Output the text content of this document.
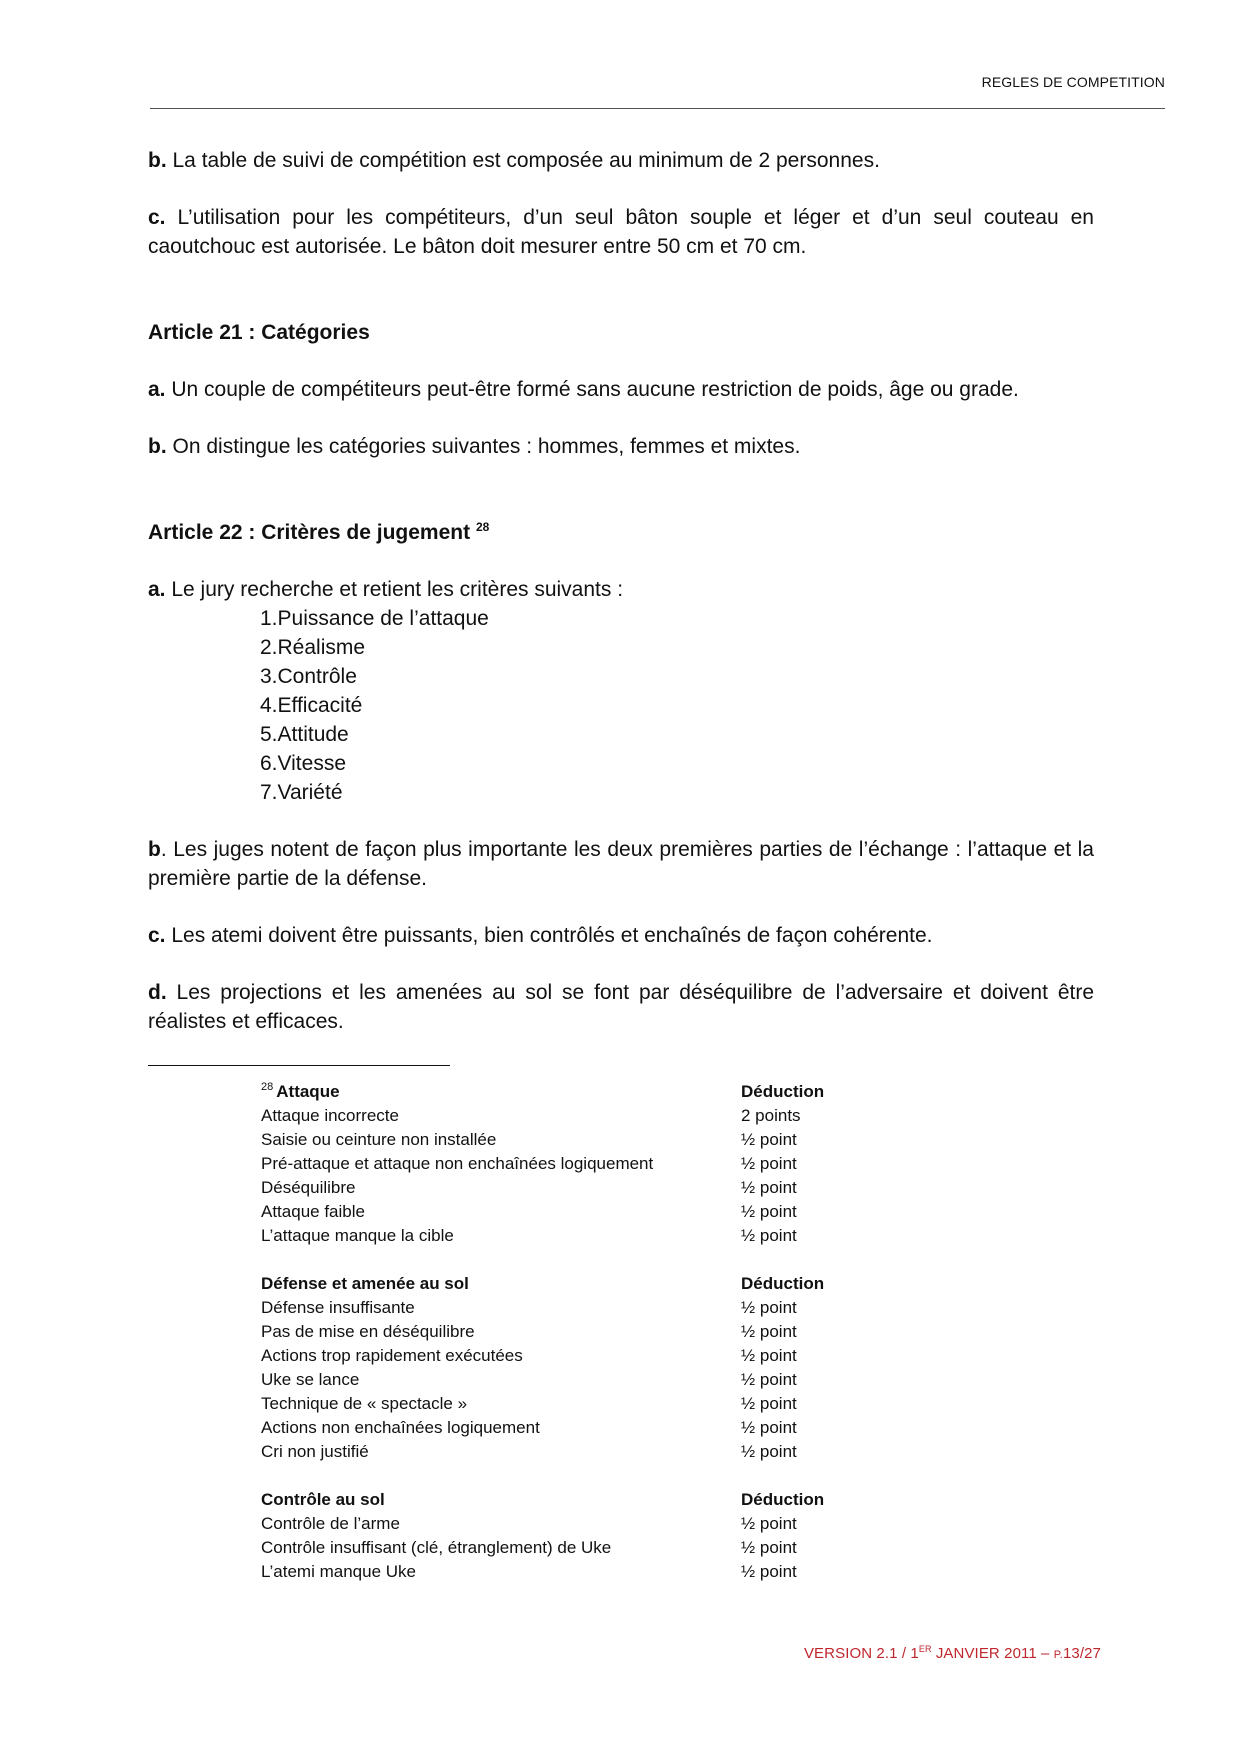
REGLES DE COMPETITION

b. La table de suivi de compétition est composée au minimum de 2 personnes.

c. L’utilisation pour les compétiteurs, d’un seul bâton souple et léger et d’un seul couteau en caoutchouc est autorisée. Le bâton doit mesurer entre 50 cm et 70 cm.

Article 21 : Catégories

a. Un couple de compétiteurs peut-être formé sans aucune restriction de poids, âge ou grade.

b. On distingue les catégories suivantes : hommes, femmes et mixtes.

Article 22 : Critères de jugement $^{28}$

a. Le jury recherche et retient les critères suivants :

1.Puissance de l’attaque
2.Réalisme
3.Contrôle
4.Efficacité
5.Attitude
6.Vitesse
7.Variété

b. Les juges notent de façon plus importante les deux premières parties de l’échange : l’attaque et la première partie de la défense.

c. Les atemi doivent être puissants, bien contrôlés et enchaînés de façon cohérente.

d. Les projections et les amenées au sol se font par déséquilibre de l’adversaire et doivent être réalistes et efficaces.

$^{28}$ Attaque	Déduction
Attaque incorrecte	2 points
Saisie ou ceinture non installée	½ point
Pré-attaque et attaque non enchaînées logiquement	½ point
Déséquilibre	½ point
Attaque faible	½ point
L’attaque manque la cible	½ point
Défense et amenée au sol	Déduction
Défense insuffisante	½ point
Pas de mise en déséquilibre	½ point
Actions trop rapidement exécutées	½ point
Uke se lance	½ point
Technique de « spectacle »	½ point
Actions non enchaînées logiquement	½ point
Cri non justifié	½ point
Contrôle au sol	Déduction
Contrôle de l’arme	½ point
Contrôle insuffisant (clé, étranglement) de Uke	½ point
L’atemi manque Uke	½ point
VERSION 2.1 / 1ER JANVIER 2011 – P.13/27
